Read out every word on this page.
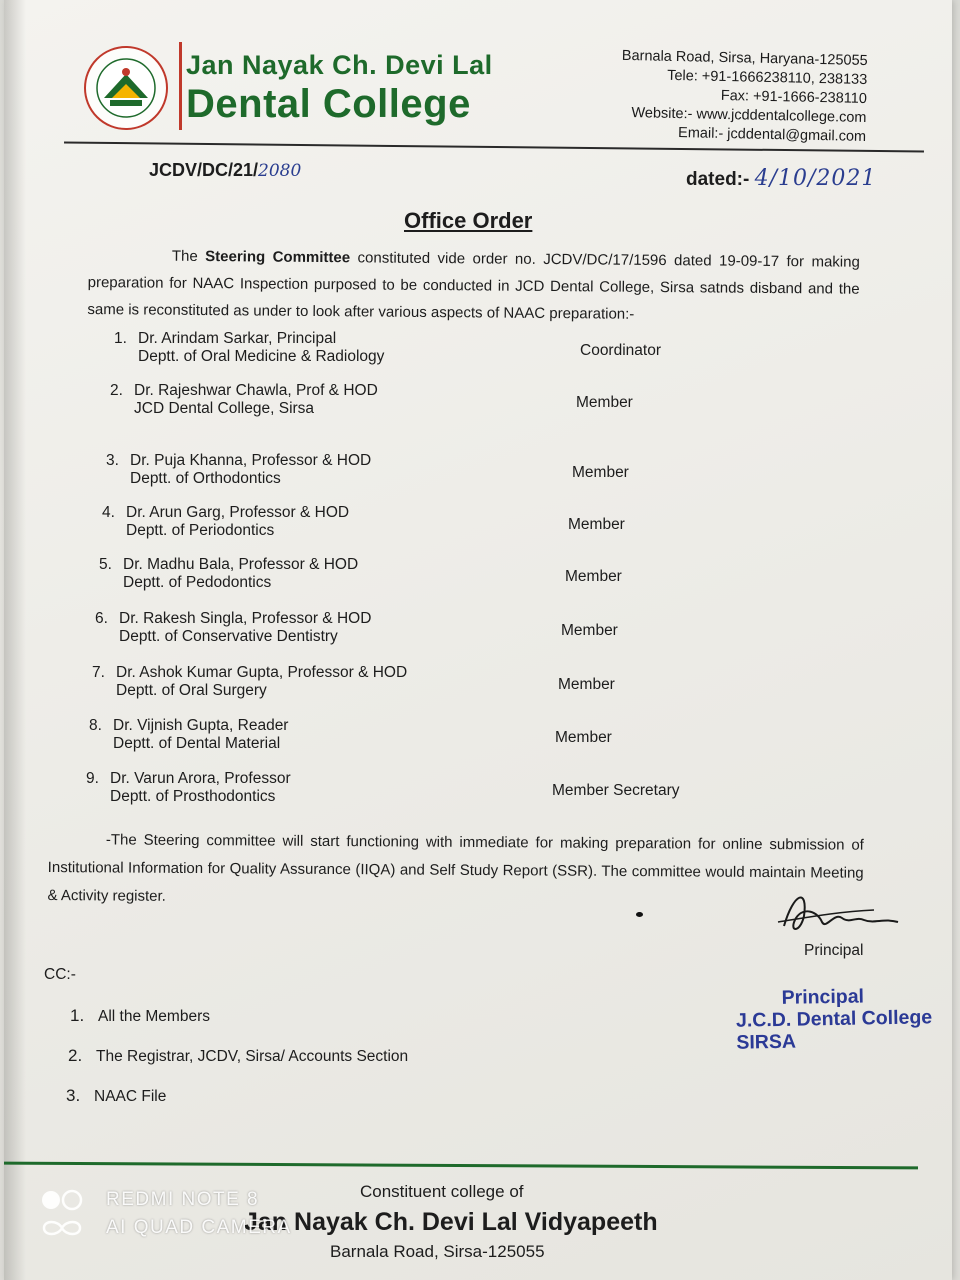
Jan Nayak Ch. Devi Lal
Dental College
Barnala Road, Sirsa, Haryana-125055
Tele: +91-1666238110, 238133
Fax: +91-1666-238110
Website:- www.jcddentalcollege.com
Email:- jcddental@gmail.com
JCDV/DC/21/2080	dated:- 4/10/2021
Office Order
The Steering Committee constituted vide order no. JCDV/DC/17/1596 dated 19-09-17 for making preparation for NAAC Inspection purposed to be conducted in JCD Dental College, Sirsa satnds disband and the same is reconstituted as under to look after various aspects of NAAC preparation:-
1. Dr. Arindam Sarkar, Principal
Deptt. of Oral Medicine & Radiology	Coordinator
2. Dr. Rajeshwar Chawla, Prof & HOD
JCD Dental College, Sirsa	Member
3. Dr. Puja Khanna, Professor & HOD
Deptt. of Orthodontics	Member
4. Dr. Arun Garg, Professor & HOD
Deptt. of Periodontics	Member
5. Dr. Madhu Bala, Professor & HOD
Deptt. of Pedodontics	Member
6. Dr. Rakesh Singla, Professor & HOD
Deptt. of Conservative Dentistry	Member
7. Dr. Ashok Kumar Gupta, Professor & HOD
Deptt. of Oral Surgery	Member
8. Dr. Vijnish Gupta, Reader
Deptt. of Dental Material	Member
9. Dr. Varun Arora, Professor
Deptt. of Prosthodontics	Member Secretary
-The Steering committee will start functioning with immediate for making preparation for online submission of Institutional Information for Quality Assurance (IIQA) and Self Study Report (SSR). The committee would maintain Meeting & Activity register.
Principal
CC:-
1. All the Members
2. The Registrar, JCDV, Sirsa/ Accounts Section
3. NAAC File
Principal
J.C.D. Dental College
SIRSA
Constituent college of
Jan Nayak Ch. Devi Lal Vidyapeeth
Barnala Road, Sirsa-125055
REDMI NOTE 8
AI QUAD CAMERA
